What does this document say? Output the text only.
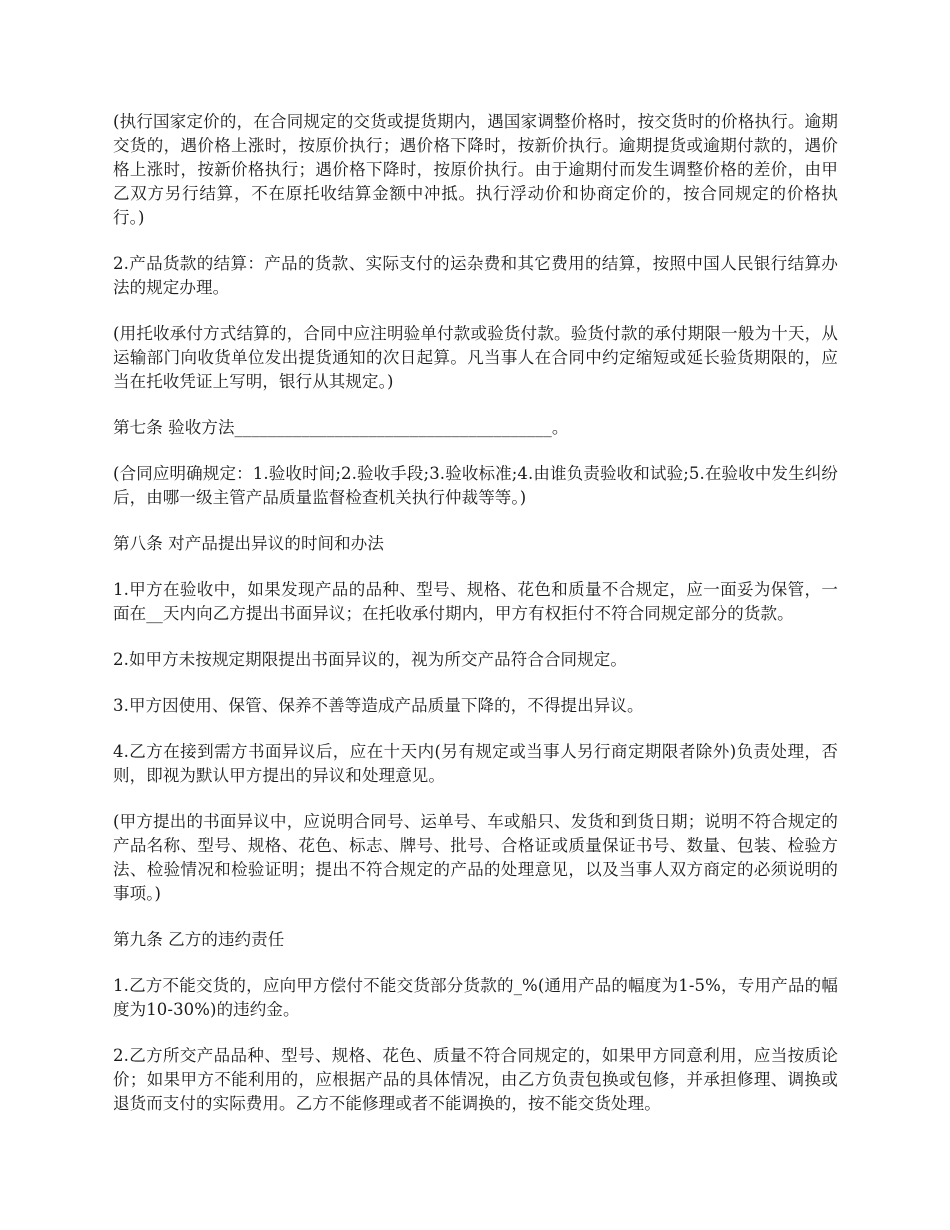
(执行国家定价的，在合同规定的交货或提货期内，遇国家调整价格时，按交货时的价格执行。逾期交货的，遇价格上涨时，按原价执行；遇价格下降时，按新价执行。逾期提货或逾期付款的，遇价格上涨时，按新价格执行；遇价格下降时，按原价执行。由于逾期付而发生调整价格的差价，由甲乙双方另行结算，不在原托收结算金额中冲抵。执行浮动价和协商定价的，按合同规定的价格执行。)

2.产品货款的结算：产品的货款、实际支付的运杂费和其它费用的结算，按照中国人民银行结算办法的规定办理。

(用托收承付方式结算的，合同中应注明验单付款或验货付款。验货付款的承付期限一般为十天，从运输部门向收货单位发出提货通知的次日起算。凡当事人在合同中约定缩短或延长验货期限的，应当在托收凭证上写明，银行从其规定。)

第七条 验收方法______________________________________。

(合同应明确规定：1.验收时间;2.验收手段;3.验收标准;4.由谁负责验收和试验;5.在验收中发生纠纷后，由哪一级主管产品质量监督检查机关执行仲裁等等。)

第八条 对产品提出异议的时间和办法

1.甲方在验收中，如果发现产品的品种、型号、规格、花色和质量不合规定，应一面妥为保管，一面在__天内向乙方提出书面异议；在托收承付期内，甲方有权拒付不符合同规定部分的货款。

2.如甲方未按规定期限提出书面异议的，视为所交产品符合合同规定。

3.甲方因使用、保管、保养不善等造成产品质量下降的，不得提出异议。

4.乙方在接到需方书面异议后，应在十天内(另有规定或当事人另行商定期限者除外)负责处理，否则，即视为默认甲方提出的异议和处理意见。

(甲方提出的书面异议中，应说明合同号、运单号、车或船只、发货和到货日期；说明不符合规定的产品名称、型号、规格、花色、标志、牌号、批号、合格证或质量保证书号、数量、包装、检验方法、检验情况和检验证明；提出不符合规定的产品的处理意见，以及当事人双方商定的必须说明的事项。)

第九条 乙方的违约责任

1.乙方不能交货的，应向甲方偿付不能交货部分货款的_%(通用产品的幅度为1-5%，专用产品的幅度为10-30%)的违约金。

2.乙方所交产品品种、型号、规格、花色、质量不符合同规定的，如果甲方同意利用，应当按质论价；如果甲方不能利用的，应根据产品的具体情况，由乙方负责包换或包修，并承担修理、调换或退货而支付的实际费用。乙方不能修理或者不能调换的，按不能交货处理。
